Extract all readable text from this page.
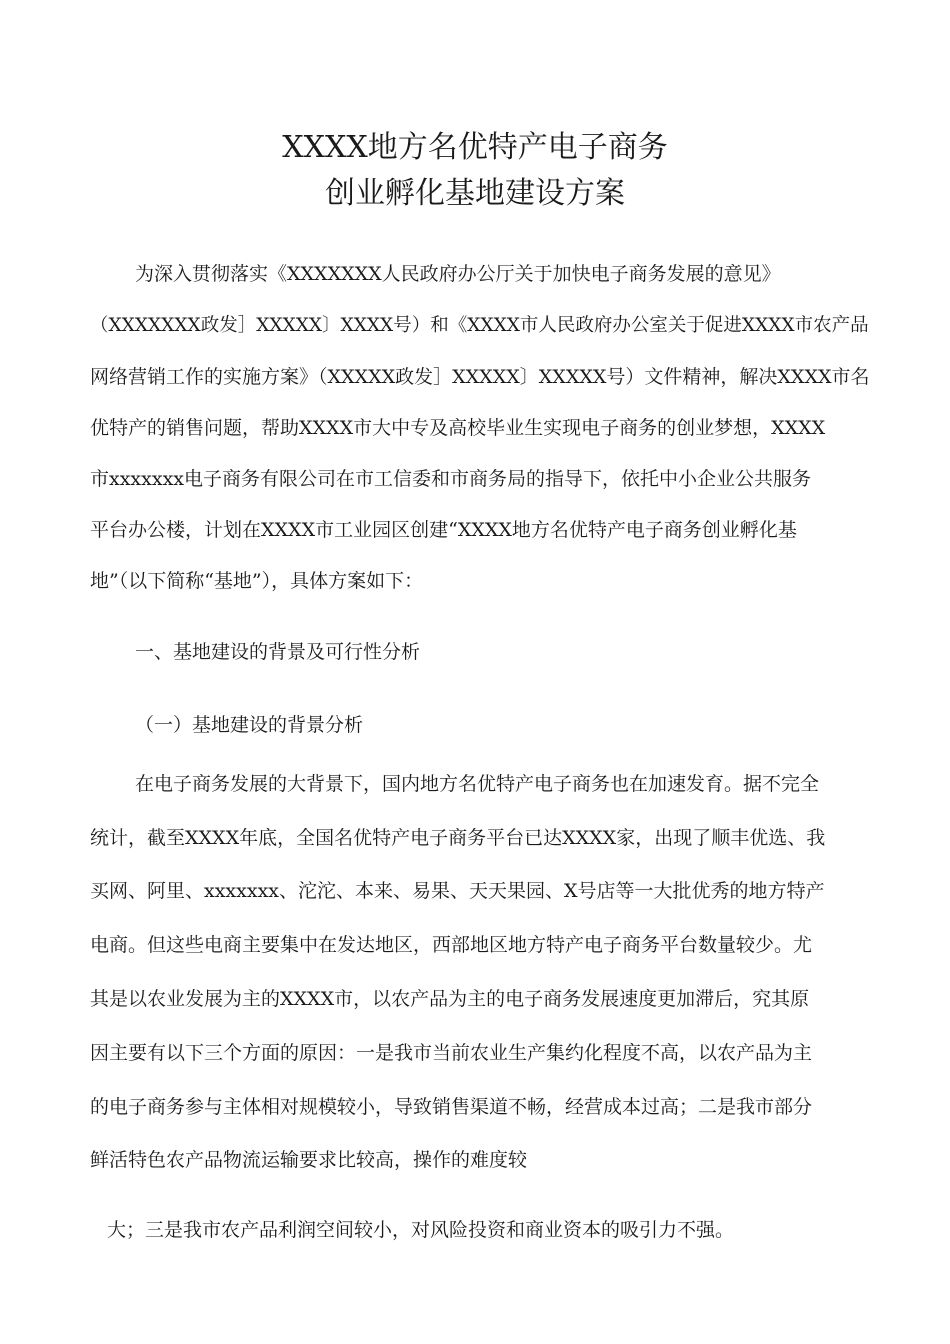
XXXX地方名优特产电子商务
创业孵化基地建设方案

为深入贯彻落实《XXXXXXX人民政府办公厅关于加快电子商务发展的意见》

（XXXXXXX政发］XXXXX〕XXXX号）和《XXXX市人民政府办公室关于促进XXXX市农产品

网络营销工作的实施方案》（XXXXX政发］XXXXX〕XXXXX号）文件精神，解决XXXX市名

优特产的销售问题，帮助XXXX市大中专及高校毕业生实现电子商务的创业梦想，XXXX

市xxxxxxx电子商务有限公司在市工信委和市商务局的指导下，依托中小企业公共服务

平台办公楼，计划在XXXX市工业园区创建“XXXX地方名优特产电子商务创业孵化基

地”（以下简称“基地”），具体方案如下：

一、基地建设的背景及可行性分析

（一）基地建设的背景分析

在电子商务发展的大背景下，国内地方名优特产电子商务也在加速发育。据不完全

统计，截至XXXX年底，全国名优特产电子商务平台已达XXXX家，出现了顺丰优选、我

买网、阿里、xxxxxxx、沱沱、本来、易果、天天果园、X号店等一大批优秀的地方特产

电商。但这些电商主要集中在发达地区，西部地区地方特产电子商务平台数量较少。尤

其是以农业发展为主的XXXX市，以农产品为主的电子商务发展速度更加滞后，究其原

因主要有以下三个方面的原因：一是我市当前农业生产集约化程度不高，以农产品为主

的电子商务参与主体相对规模较小，导致销售渠道不畅，经营成本过高；二是我市部分

鲜活特色农产品物流运输要求比较高，操作的难度较

大；三是我市农产品利润空间较小，对风险投资和商业资本的吸引力不强。
